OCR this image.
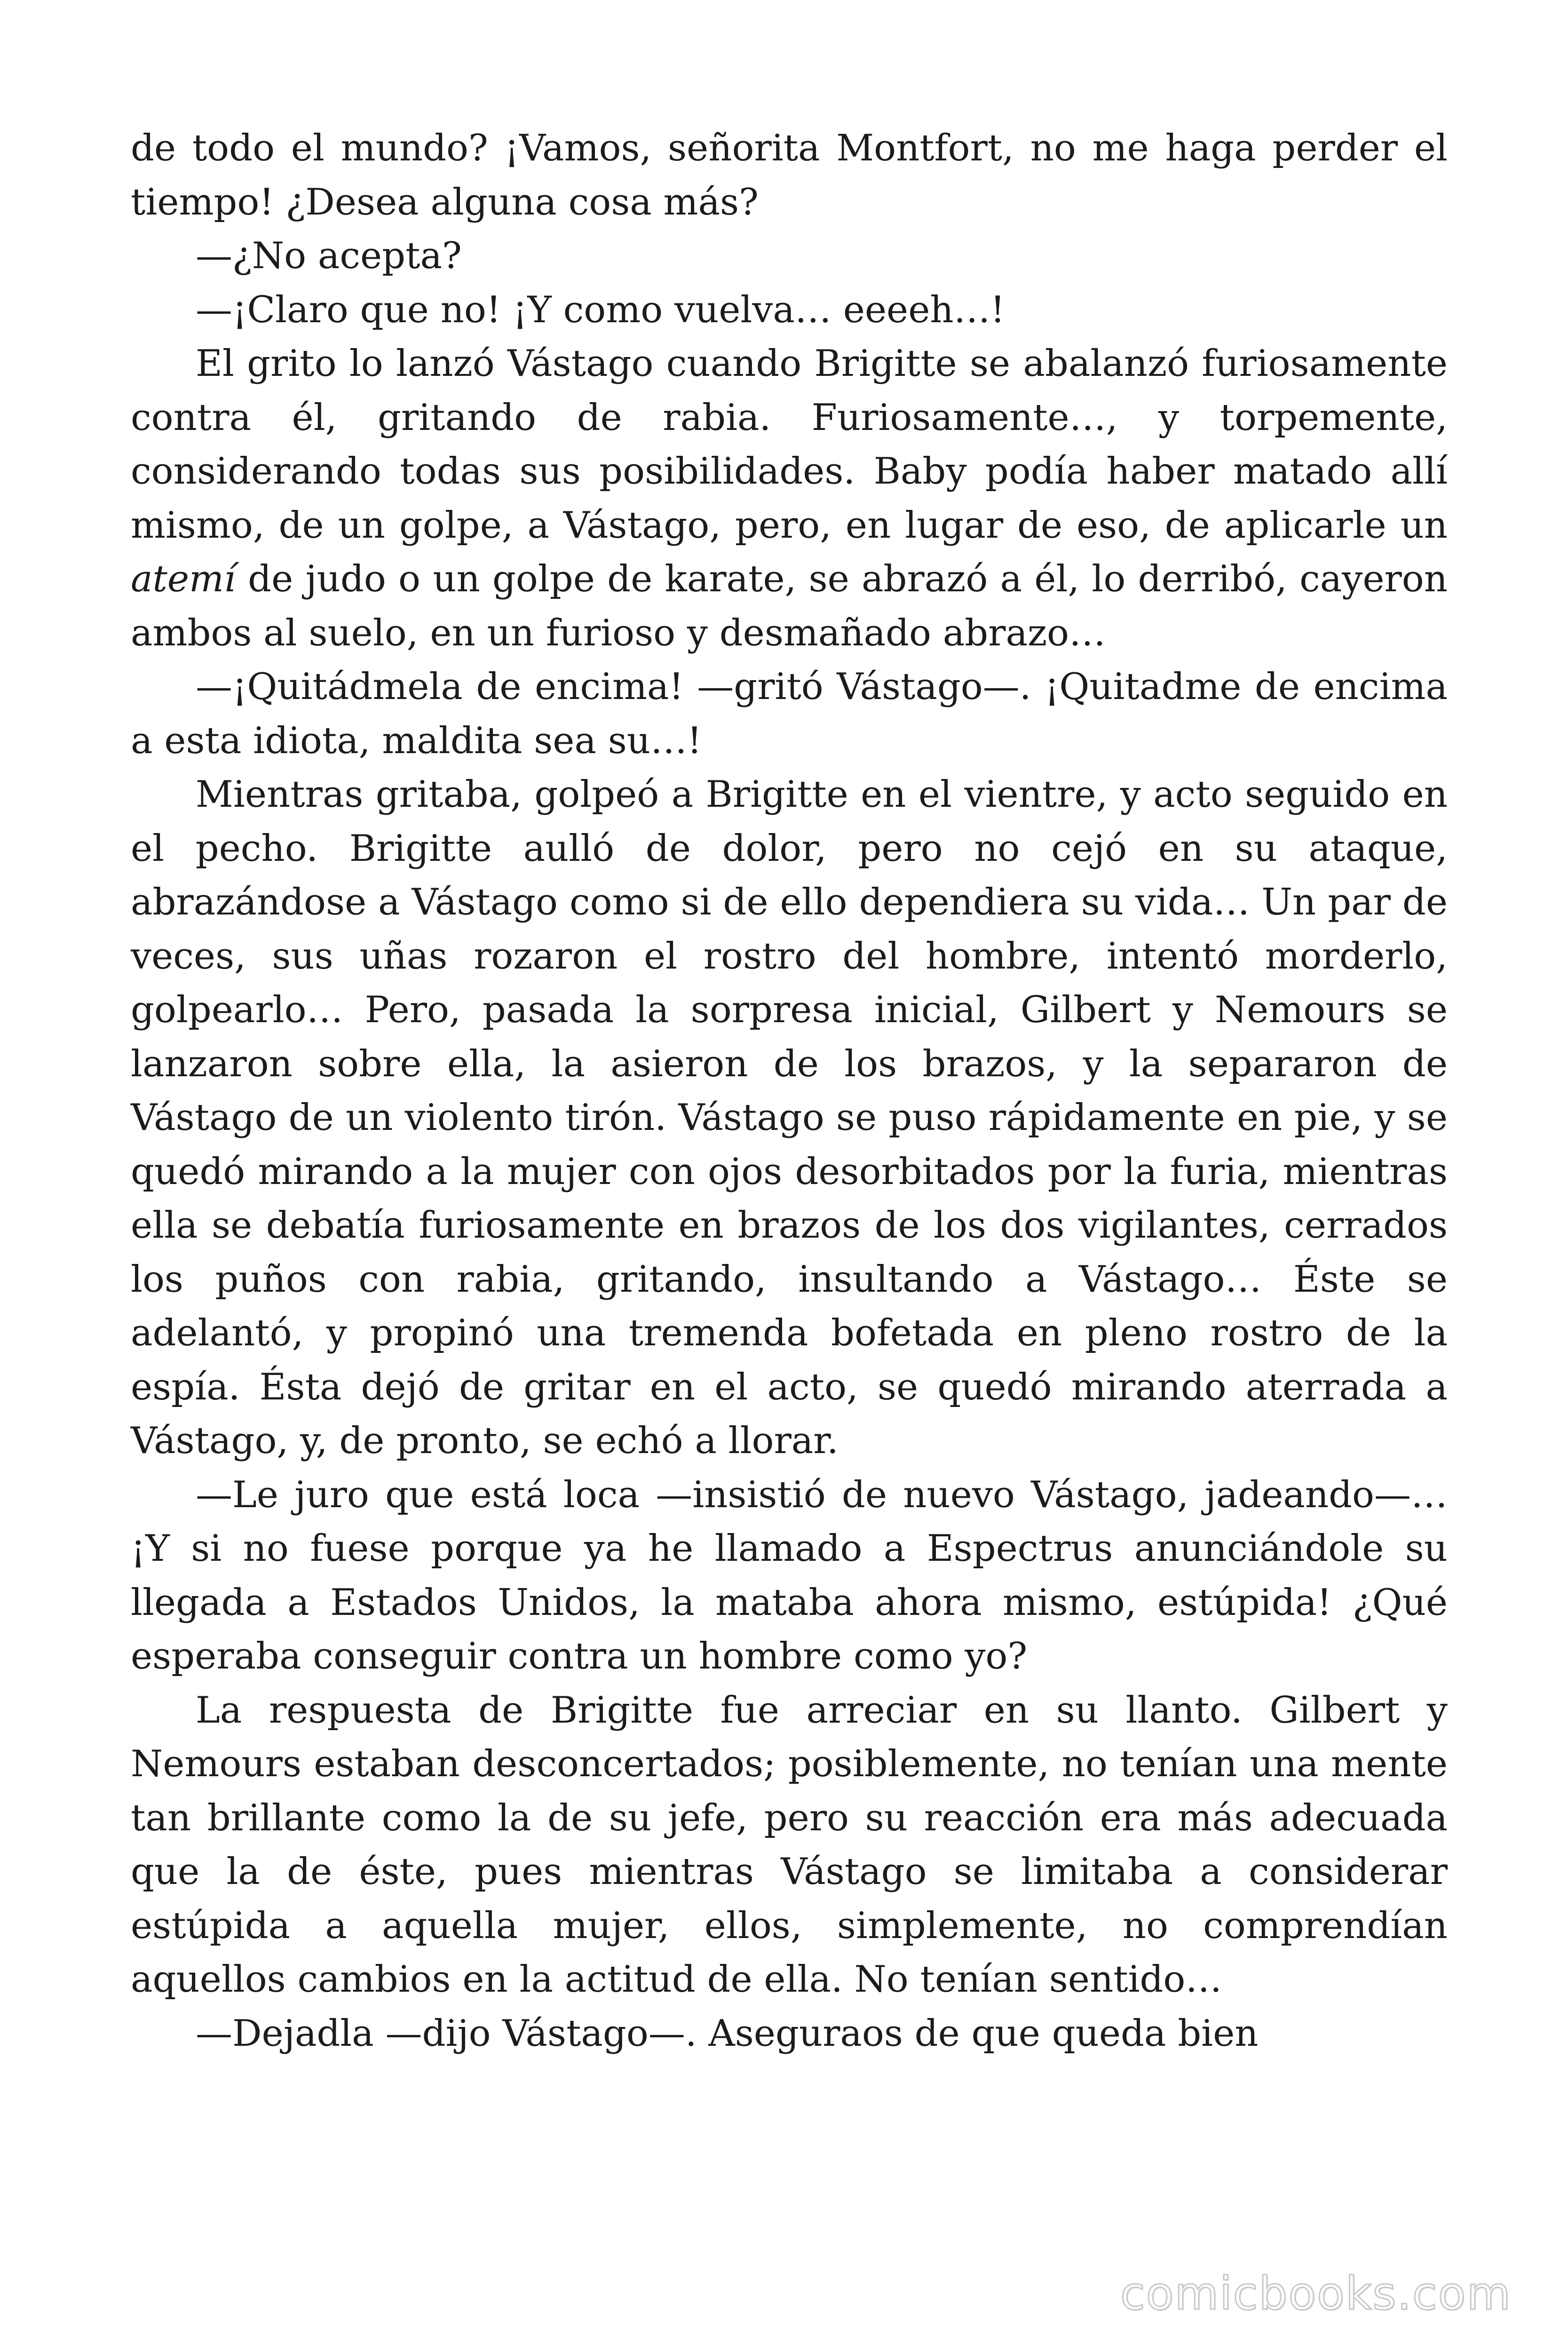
de todo el mundo? ¡Vamos, señorita Montfort, no me haga perder el tiempo! ¿Desea alguna cosa más?

—¿No acepta?

—¡Claro que no! ¡Y como vuelva… eeeeh…!

El grito lo lanzó Vástago cuando Brigitte se abalanzó furiosamente contra él, gritando de rabia. Furiosamente…, y torpemente, considerando todas sus posibilidades. Baby podía haber matado allí mismo, de un golpe, a Vástago, pero, en lugar de eso, de aplicarle un atemí de judo o un golpe de karate, se abrazó a él, lo derribó, cayeron ambos al suelo, en un furioso y desmañado abrazo…

—¡Quitádmela de encima! —gritó Vástago—. ¡Quitadme de encima a esta idiota, maldita sea su…!

Mientras gritaba, golpeó a Brigitte en el vientre, y acto seguido en el pecho. Brigitte aulló de dolor, pero no cejó en su ataque, abrazándose a Vástago como si de ello dependiera su vida… Un par de veces, sus uñas rozaron el rostro del hombre, intentó morderlo, golpearlo… Pero, pasada la sorpresa inicial, Gilbert y Nemours se lanzaron sobre ella, la asieron de los brazos, y la separaron de Vástago de un violento tirón. Vástago se puso rápidamente en pie, y se quedó mirando a la mujer con ojos desorbitados por la furia, mientras ella se debatía furiosamente en brazos de los dos vigilantes, cerrados los puños con rabia, gritando, insultando a Vástago… Éste se adelantó, y propinó una tremenda bofetada en pleno rostro de la espía. Ésta dejó de gritar en el acto, se quedó mirando aterrada a Vástago, y, de pronto, se echó a llorar.

—Le juro que está loca —insistió de nuevo Vástago, jadeando—… ¡Y si no fuese porque ya he llamado a Espectrus anunciándole su llegada a Estados Unidos, la mataba ahora mismo, estúpida! ¿Qué esperaba conseguir contra un hombre como yo?

La respuesta de Brigitte fue arreciar en su llanto. Gilbert y Nemours estaban desconcertados; posiblemente, no tenían una mente tan brillante como la de su jefe, pero su reacción era más adecuada que la de éste, pues mientras Vástago se limitaba a considerar estúpida a aquella mujer, ellos, simplemente, no comprendían aquellos cambios en la actitud de ella. No tenían sentido…

—Dejadla —dijo Vástago—. Aseguraos de que queda bien

comicbooks.com
